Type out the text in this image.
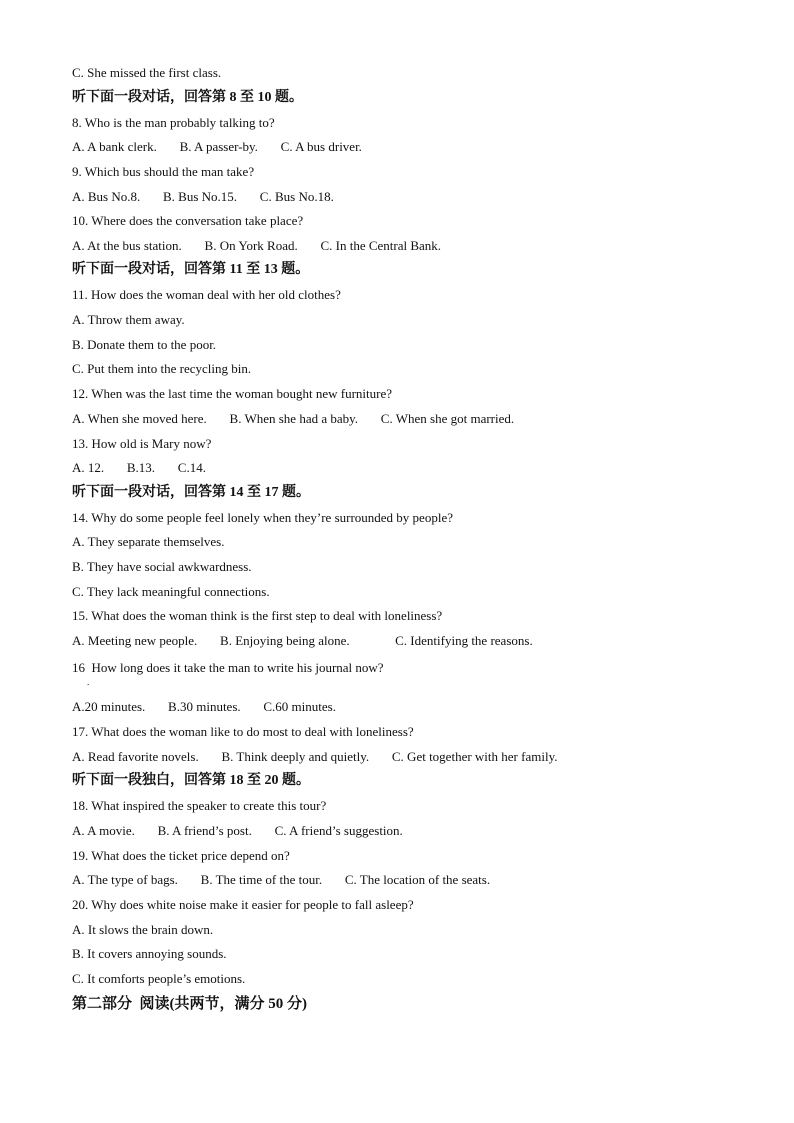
C. She missed the first class.
听下面一段对话，回答第 8 至 10 题。
8. Who is the man probably talking to?
A. A bank clerk.       B. A passer-by.       C. A bus driver.
9. Which bus should the man take?
A. Bus No.8.       B. Bus No.15.       C. Bus No.18.
10. Where does the conversation take place?
A. At the bus station.       B. On York Road.       C. In the Central Bank.
听下面一段对话，回答第 11 至 13 题。
11. How does the woman deal with her old clothes?
A. Throw them away.
B. Donate them to the poor.
C. Put them into the recycling bin.
12. When was the last time the woman bought new furniture?
A. When she moved here.       B. When she had a baby.       C. When she got married.
13. How old is Mary now?
A. 12.       B.13.       C.14.
听下面一段对话，回答第 14 至 17 题。
14. Why do some people feel lonely when they’re surrounded by people?
A. They separate themselves.
B. They have social awkwardness.
C. They lack meaningful connections.
15. What does the woman think is the first step to deal with loneliness?
A. Meeting new people.       B. Enjoying being alone.              C. Identifying the reasons.
16  How long does it take the man to write his journal now?
.
A.20 minutes.       B.30 minutes.       C.60 minutes.
17. What does the woman like to do most to deal with loneliness?
A. Read favorite novels.       B. Think deeply and quietly.       C. Get together with her family.
听下面一段独白，回答第 18 至 20 题。
18. What inspired the speaker to create this tour?
A. A movie.       B. A friend’s post.       C. A friend’s suggestion.
19. What does the ticket price depend on?
A. The type of bags.       B. The time of the tour.       C. The location of the seats.
20. Why does white noise make it easier for people to fall asleep?
A. It slows the brain down.
B. It covers annoying sounds.
C. It comforts people’s emotions.
第二部分  阅读(共两节，满分 50 分)
